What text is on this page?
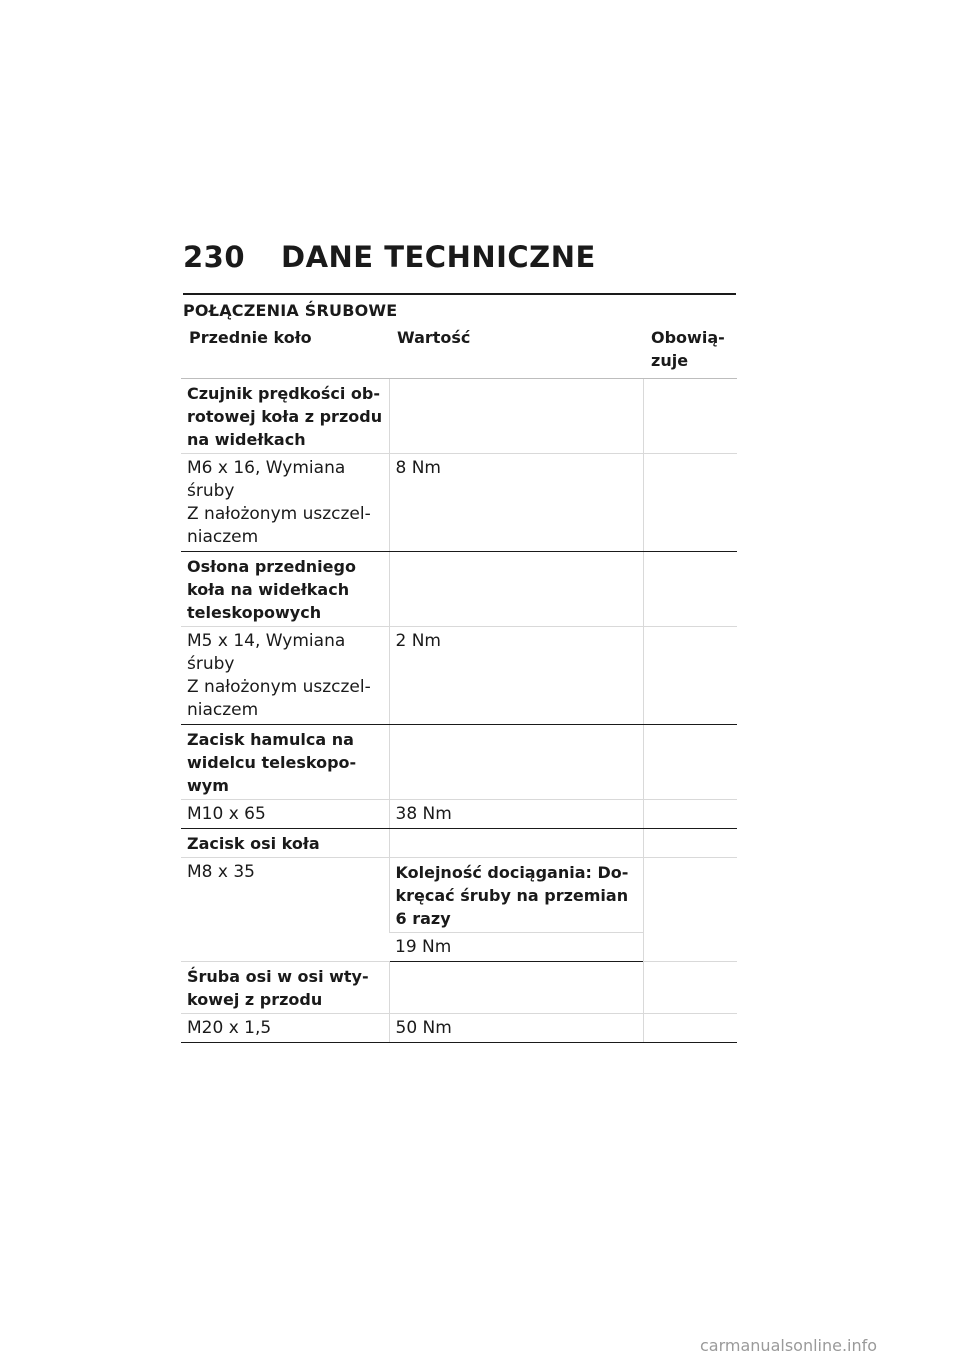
230 DANE TECHNICZNE
POŁĄCZENIA ŚRUBOWE
Przednie koło	Wartość	Obowią-
zuje

Czujnik prędkości ob-
rotowej koła z przodu
na widełkach		

M6 x 16, Wymiana
śruby
Z nałożonym uszczel-
niaczem	8 Nm	

Osłona przedniego
koła na widełkach
teleskopowych		

M5 x 14, Wymiana
śruby
Z nałożonym uszczel-
niaczem	2 Nm	

Zacisk hamulca na
widelcu teleskopo-
wym		

M10 x 65	38 Nm	
Zacisk osi koła		
M8 x 35	Kolejność dociągania: Do-
kręcać śruby na przemian
6 razy	

	19 Nm	

Śruba osi w osi wty-
kowej z przodu		

M20 x 1,5	50 Nm	
carmanualsonline.info
